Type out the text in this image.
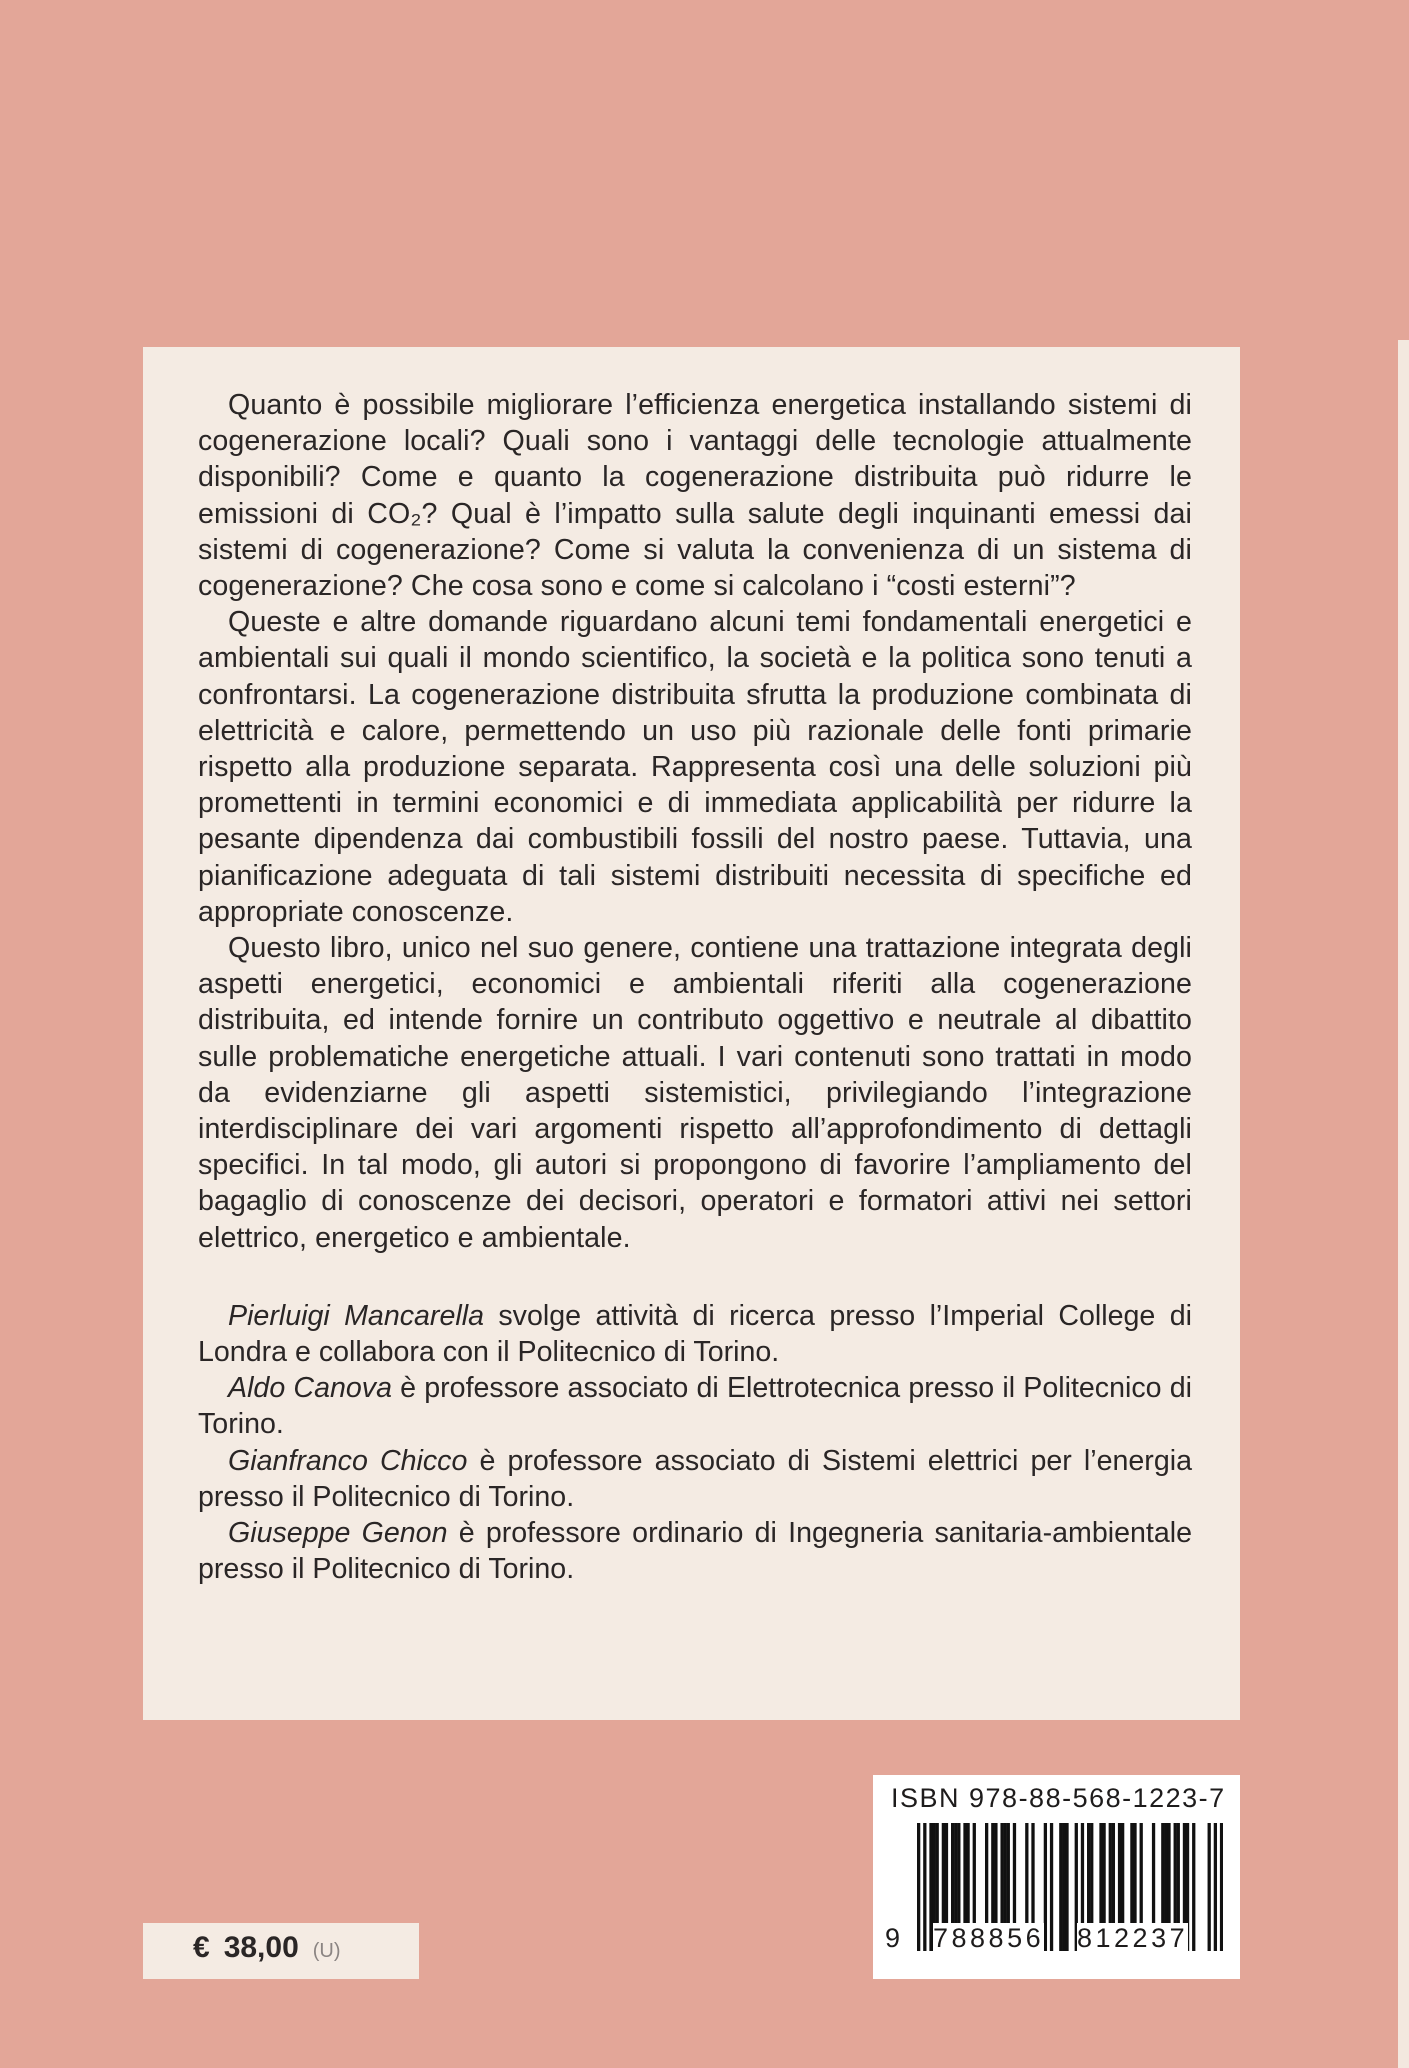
Quanto è possibile migliorare l’efficienza energetica installando sistemi di cogenerazione locali? Quali sono i vantaggi delle tecnologie attualmente disponibili? Come e quanto la cogenerazione distribuita può ridurre le emissioni di CO₂? Qual è l’impatto sulla salute degli inquinanti emessi dai sistemi di cogenerazione? Come si valuta la convenienza di un sistema di cogenerazione? Che cosa sono e come si calcolano i “costi esterni”?

Queste e altre domande riguardano alcuni temi fondamentali energetici e ambientali sui quali il mondo scientifico, la società e la politica sono tenuti a confrontarsi. La cogenerazione distribuita sfrutta la produzione combinata di elettricità e calore, permettendo un uso più razionale delle fonti primarie rispetto alla produzione separata. Rappresenta così una delle soluzioni più promettenti in termini economici e di immediata applicabilità per ridurre la pesante dipendenza dai combustibili fossili del nostro paese. Tuttavia, una pianificazione adeguata di tali sistemi distribuiti necessita di specifiche ed appropriate conoscenze.

Questo libro, unico nel suo genere, contiene una trattazione integrata degli aspetti energetici, economici e ambientali riferiti alla cogenerazione distribuita, ed intende fornire un contributo oggettivo e neutrale al dibattito sulle problematiche energetiche attuali. I vari contenuti sono trattati in modo da evidenziarne gli aspetti sistemistici, privilegiando l’integrazione interdisciplinare dei vari argomenti rispetto all’approfondimento di dettagli specifici. In tal modo, gli autori si propongono di favorire l’ampliamento del bagaglio di conoscenze dei decisori, operatori e formatori attivi nei settori elettrico, energetico e ambientale.

Pierluigi Mancarella svolge attività di ricerca presso l’Imperial College di Londra e collabora con il Politecnico di Torino.

Aldo Canova è professore associato di Elettrotecnica presso il Politecnico di Torino.

Gianfranco Chicco è professore associato di Sistemi elettrici per l’energia presso il Politecnico di Torino.

Giuseppe Genon è professore ordinario di Ingegneria sanitaria-ambientale presso il Politecnico di Torino.

€ 38,00 (U)
ISBN 978-88-568-1223-7
9 788856 812237
